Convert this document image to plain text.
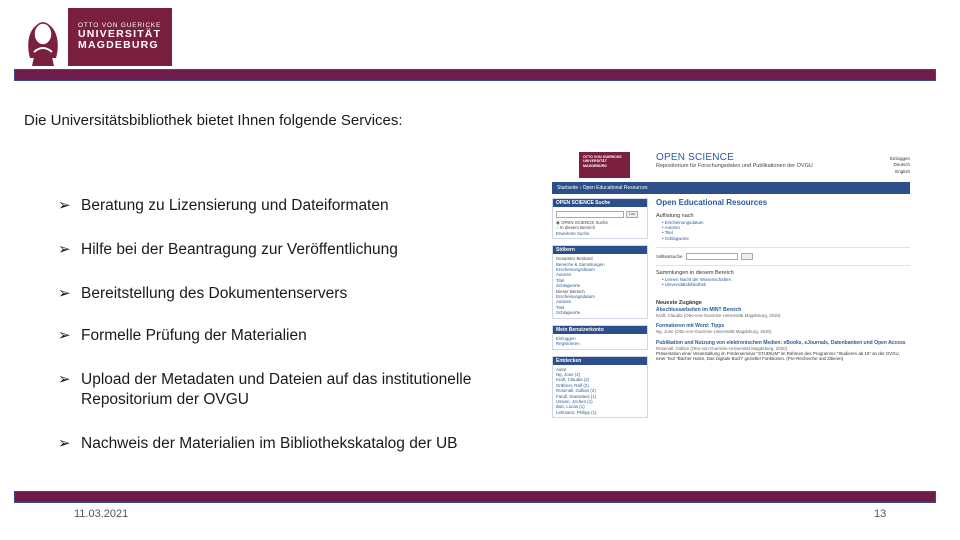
OTTO VON GUERICKE
UNIVERSITÄT
MAGDEBURG
Die Universitätsbibliothek bietet Ihnen folgende Services:
➢ Beratung zu Lizensierung und Dateiformaten
➢ Hilfe bei der Beantragung zur Veröffentlichung
➢ Bereitstellung des Dokumentenservers
➢ Formelle Prüfung der Materialien
➢ Upload der Metadaten und Dateien auf das institutionelle Repositorium der OVGU
➢ Nachweis der Materialien im Bibliothekskatalog der UB
OTTO VON GUERICKE
UNIVERSITÄT
MAGDEBURG
OPEN SCIENCE
Repositorium für Forschungsdaten und Publikationen der OVGU
Einloggen
Deutsch English
Startseite › Open Educational Resources
OPEN SCIENCE Suche
Los
◉ OPEN SCIENCE Suche
○ In diesem Bereich
Erweiterte Suche
Stöbern
Gesamter Bestand
Bereiche & Sammlungen
Erscheinungsdatum
Autoren
Titel
Schlagworte
Dieser Bereich
Erscheinungsdatum
Autoren
Titel
Schlagworte
Mein Benutzerkonto
Einloggen
Registrieren
Entdecken
Autor
Ng, Jone (2)
Kraft, Claudia (2)
Gräbner, Ralf (2)
Rosenall, Gidlian (2)
Fandl, Stanislaus (1)
Ussian, Jochen (1)
Bub, Lucas (1)
Lehmann, Philipp (1)
Open Educational Resources
Auflistung nach
• Erscheinungsdatum
• Autoren
• Titel
• Schlagworte
Volltextsuche
Sammlungen in diesem Bereich
• Lernen Nacht der Wissenschaften
• Universitätsbibliothek
Neueste Zugänge
Abschlussarbeiten im MINT Bereich
Kraft, Claudia (Otto-von-Guericke-Universität Magdeburg, 2020)
Formatieren mit Word: Tipps
Ng, Jone (Otto-von-Guericke-Universität Magdeburg, 2020)
Publikation und Nutzung von elektronischen Medien: eBooks, eJournals, Datenbanken und Open Access
Rosenall, Gidlian (Otto-von-Guericke-Universität Magdeburg, 2020)
Präsentation einer Veranstaltung im Förderseminar "STUDIUM" im Rahmen des Programms "Studieren ab 16" an der OVGU, einer Tool "Bücher Holen, Das Digitale Buch" gezielter Funktionen. (Pre-Recherche und Zitieren)
11.03.2021	13
